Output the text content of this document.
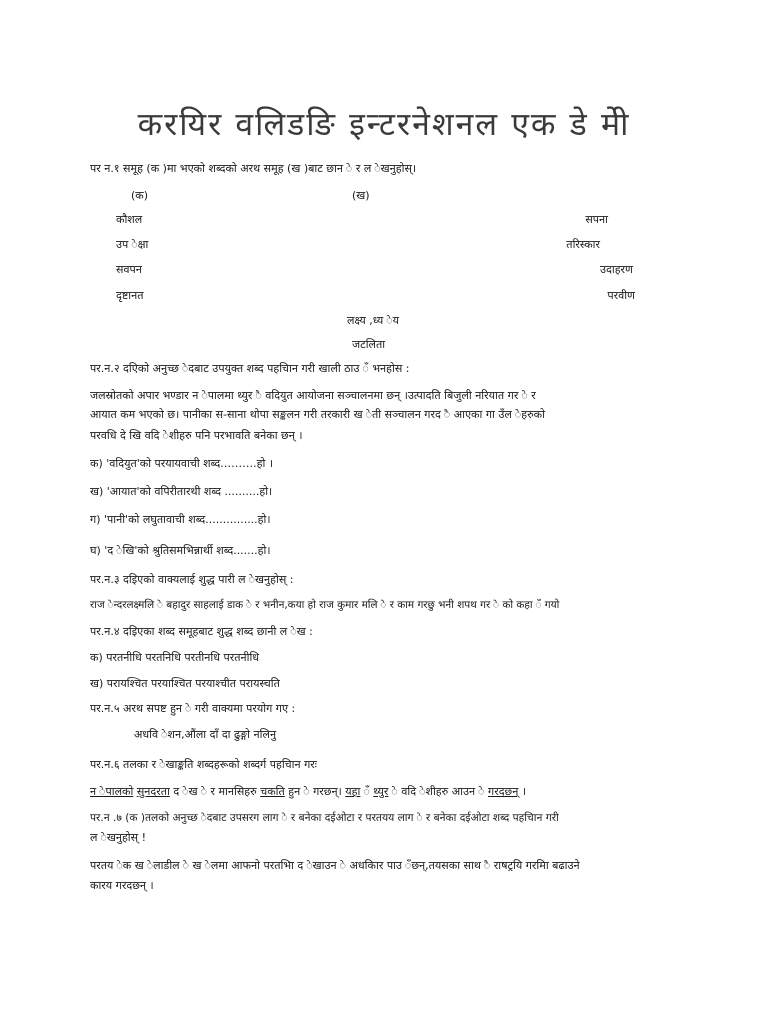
करयिर वलिडङि इन्टरनेशनल एक डे मेी
पर न.१ समूह (क )मा भएको शब्दको अरथ समूह (ख )बाट छान े र ल ेखनुहोस्।
(क)	(ख)
कौशल
उप ेक्षा
सवपन
दृष्टानत
सपना
तरिस्कार
उदाहरण
परवीण
लक्ष्य ,ध्य ेय
जटलिता
पर.न.२ दएिको अनुच्छ ेदबाट उपयुक्त शब्द पहचिान गरी खाली ठाउ ँ भनहोस :
जलस्रोतको अपार भण्डार न ेपालमा थ्युर ै वदियुत आयोजना सञ्चालनमा छन् ।उत्पादति बिजुली नरियात गर े र
आयात कम भएको छ। पानीका स-साना थोपा सङ्कलन गरी तरकारी ख ेती सञ्चालन गरद ै आएका गा उँल ेहरुको
परवधि दे खि वदि ेशीहरु पनि परभावति बनेका छन् ।
क) 'वदियुत'को परयायवाची शब्द……….हो ।
ख) 'आयात'को वपिरीतारथी शब्द ..........हो।
ग) 'पानी'को लघुतावाची शब्द...............हो।
घ) 'द ेखि'को श्रुतिसमभिन्नार्थी शब्द.......हो।
पर.न.३ दइिएको वाक्यलाई शुद्ध पारी ल ेखनुहोस् :
राज ेन्दरलक्ष्मलि े बहादुर साहलाई डाक े र भनीन,कया हो राज कुमार मलि े र काम गरछु भनी शपथ गर े को कहा ँ गयो
पर.न.४ दइिएका शब्द समूहबाट शुद्ध शब्द छानी ल ेख :
क) परतनीधि परतनिधि परतीनधि परतनीधि
ख) परायश्चित परयाश्चित परयाश्चीत परायस्चति
पर.न.५ अरथ सपष्ट हुन े गरी वाक्यमा परयोग गए :
अधवि ेशन,औंला दाँ दा ढुङ्गो नलिनु
पर.न.६ तलका र ेखाङ्कति शब्दहरूको शब्दर्ग पहचिान गरः
न ेपालको सुनदरता द ेख े र मानसिहरु चकति हुन े गरछन्। यहा ँ थ्युर े वदि ेशीहरु आउन े गरदछन् ।
पर.न .७ (क )तलको अनुच्छ ेदबाट उपसरग लाग े र बनेका दईओटा र परतयय लाग े र बनेका दईओटा शब्द पहचिान गरी
ल ेखनुहोस् !
परतय ेक ख ेलाडील े ख ेलमा आफनो परतभिा द ेखाउन े अधकिार पाउ ँछन्,तयसका साथ ै राषट्रयि गरमिा बढाउने
कारय गरदछन् ।
